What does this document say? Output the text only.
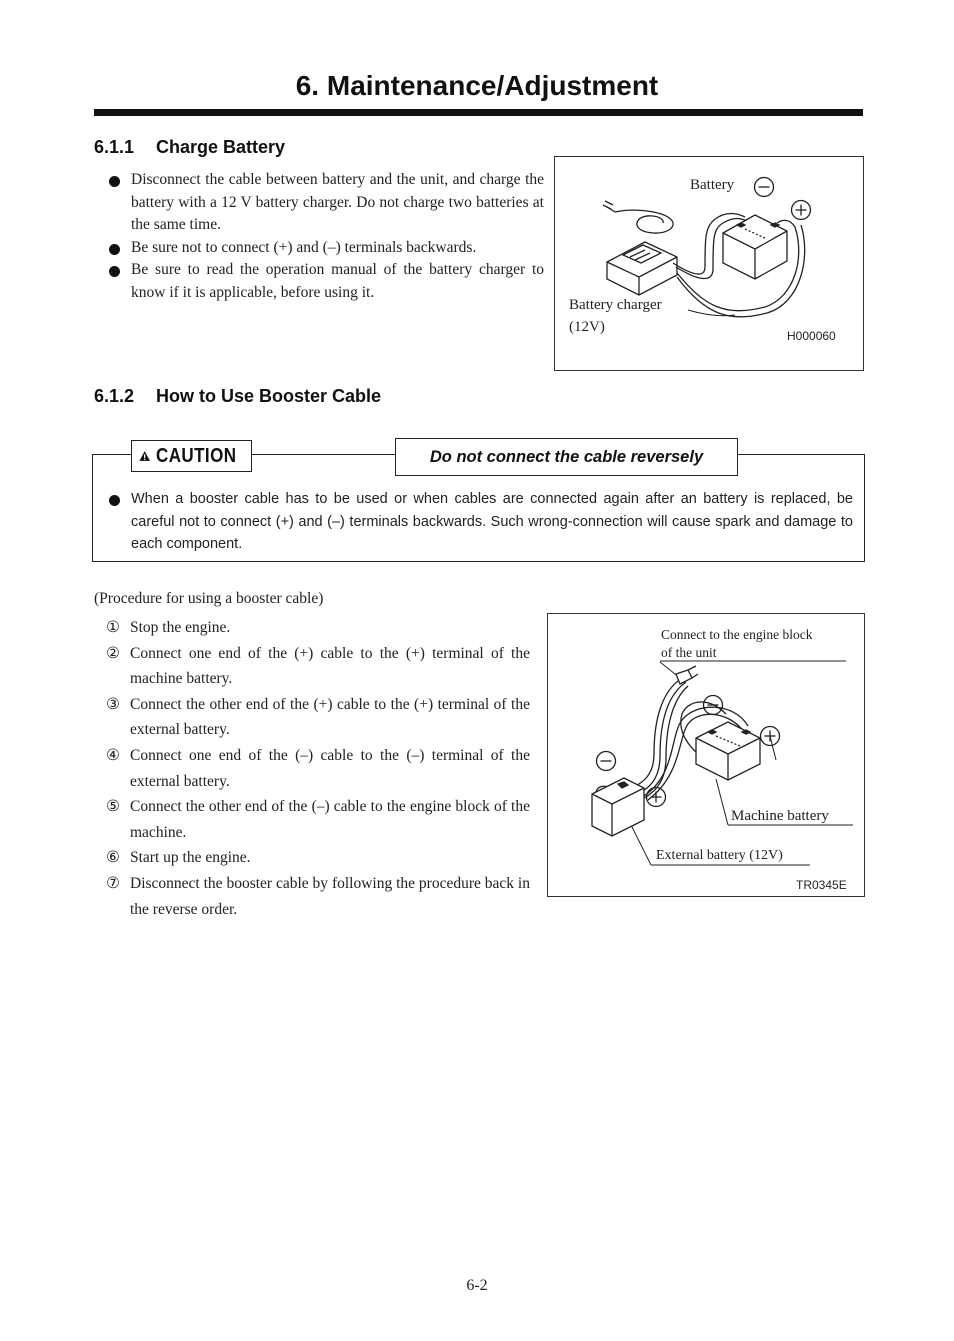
6. Maintenance/Adjustment
6.1.1 Charge Battery
Disconnect the cable between battery and the unit, and charge the battery with a 12 V battery charger. Do not charge two batteries at the same time.
Be sure not to connect (+) and (–) terminals backwards.
Be sure to read the operation manual of the battery charger to know if it is applicable, before using it.
Battery
Battery charger
(12V)
H000060
6.1.2 How to Use Booster Cable
CAUTION	Do not connect the cable reversely
When a booster cable has to be used or when cables are connected again after an battery is replaced, be careful not to connect (+) and (–) terminals backwards. Such wrong-connection will cause spark and damage to each component.
(Procedure for using a booster cable)
① Stop the engine.
② Connect one end of the (+) cable to the (+) terminal of the machine battery.
③ Connect the other end of the (+) cable to the (+) terminal of the external battery.
④ Connect one end of the (–) cable to the (–) terminal of the external battery.
⑤ Connect the other end of the (–) cable to the engine block of the machine.
⑥ Start up the engine.
⑦ Disconnect the booster cable by following the procedure back in the reverse order.
Connect to the engine block
of the unit
Machine battery
External battery (12V)
TR0345E
6-2
